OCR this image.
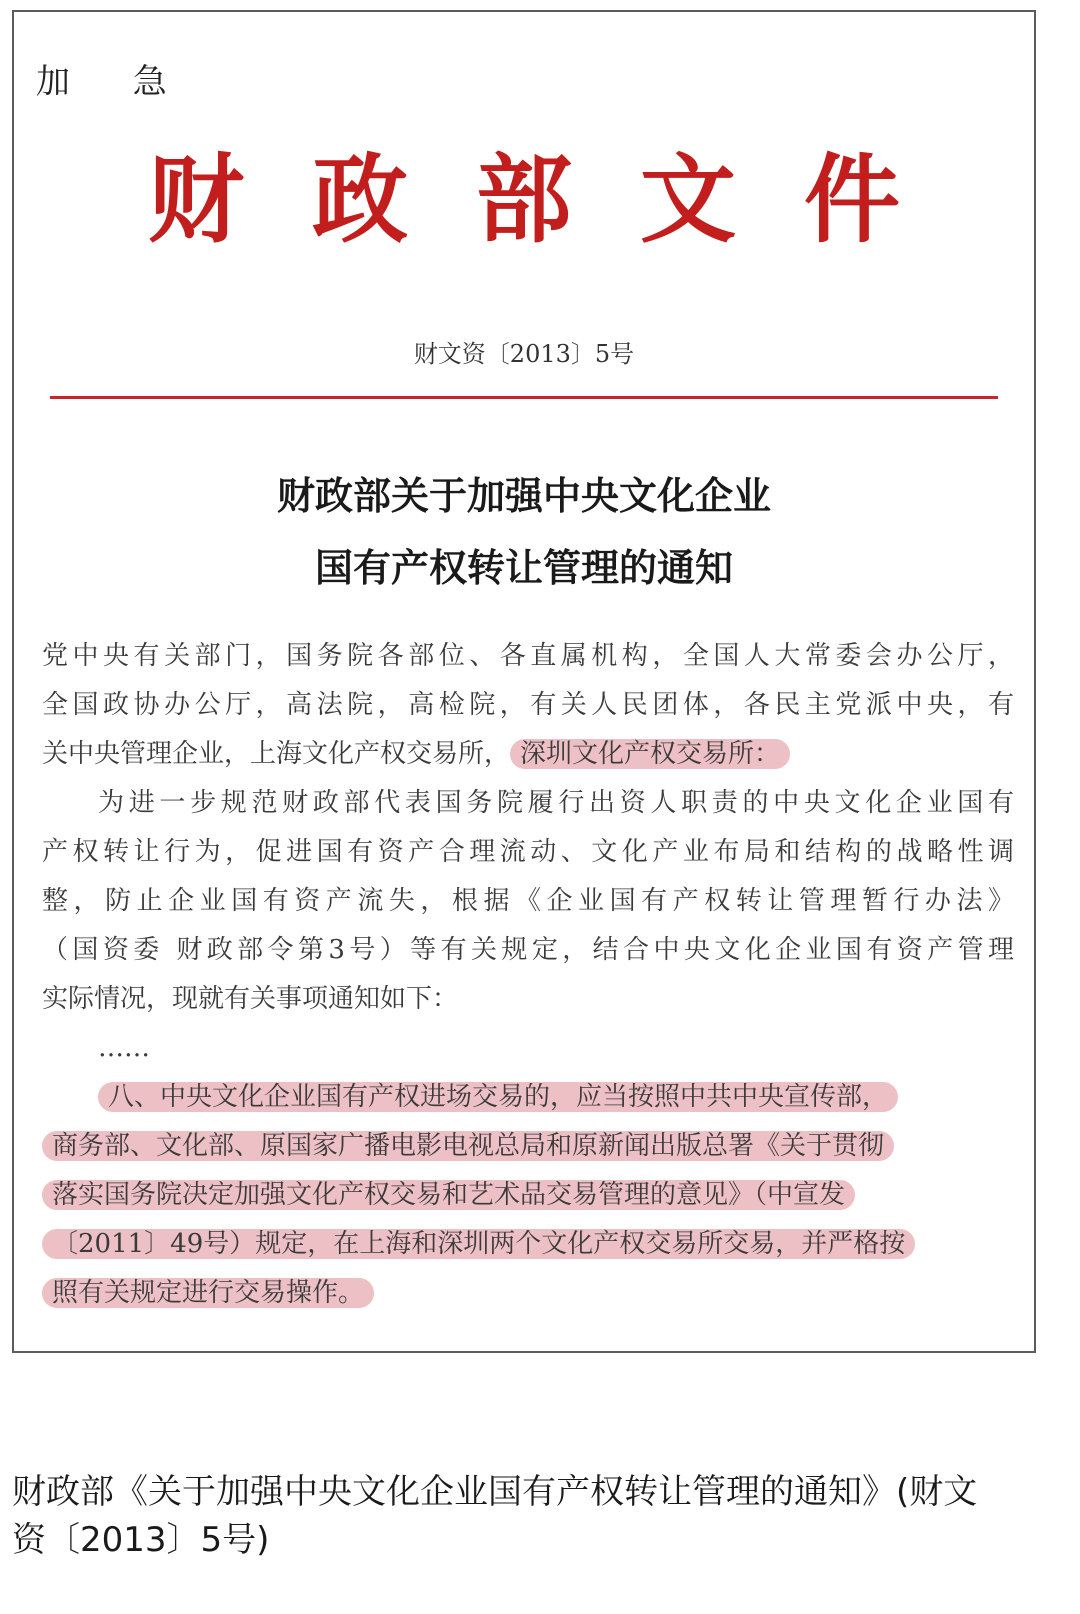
加 急
财政部文件
财文资〔2013〕5号
财政部关于加强中央文化企业
国有产权转让管理的通知
党中央有关部门，国务院各部位、各直属机构，全国人大常委会办公厅，
全国政协办公厅，高法院，高检院，有关人民团体，各民主党派中央，有
关中央管理企业，上海文化产权交易所， 深圳文化产权交易所：
为进一步规范财政部代表国务院履行出资人职责的中央文化企业国有
产权转让行为，促进国有资产合理流动、文化产业布局和结构的战略性调
整，防止企业国有资产流失，根据《企业国有产权转让管理暂行办法》
（国资委 财政部令第3号）等有关规定，结合中央文化企业国有资产管理
实际情况，现就有关事项通知如下：
……
八、中央文化企业国有产权进场交易的，应当按照中共中央宣传部，
商务部、文化部、原国家广播电影电视总局和原新闻出版总署《关于贯彻
落实国务院决定加强文化产权交易和艺术品交易管理的意见》（中宣发
〔2011〕49号）规定，在上海和深圳两个文化产权交易所交易，并严格按
照有关规定进行交易操作。
财政部《关于加强中央文化企业国有产权转让管理的通知》(财文
资〔2013〕5号)
